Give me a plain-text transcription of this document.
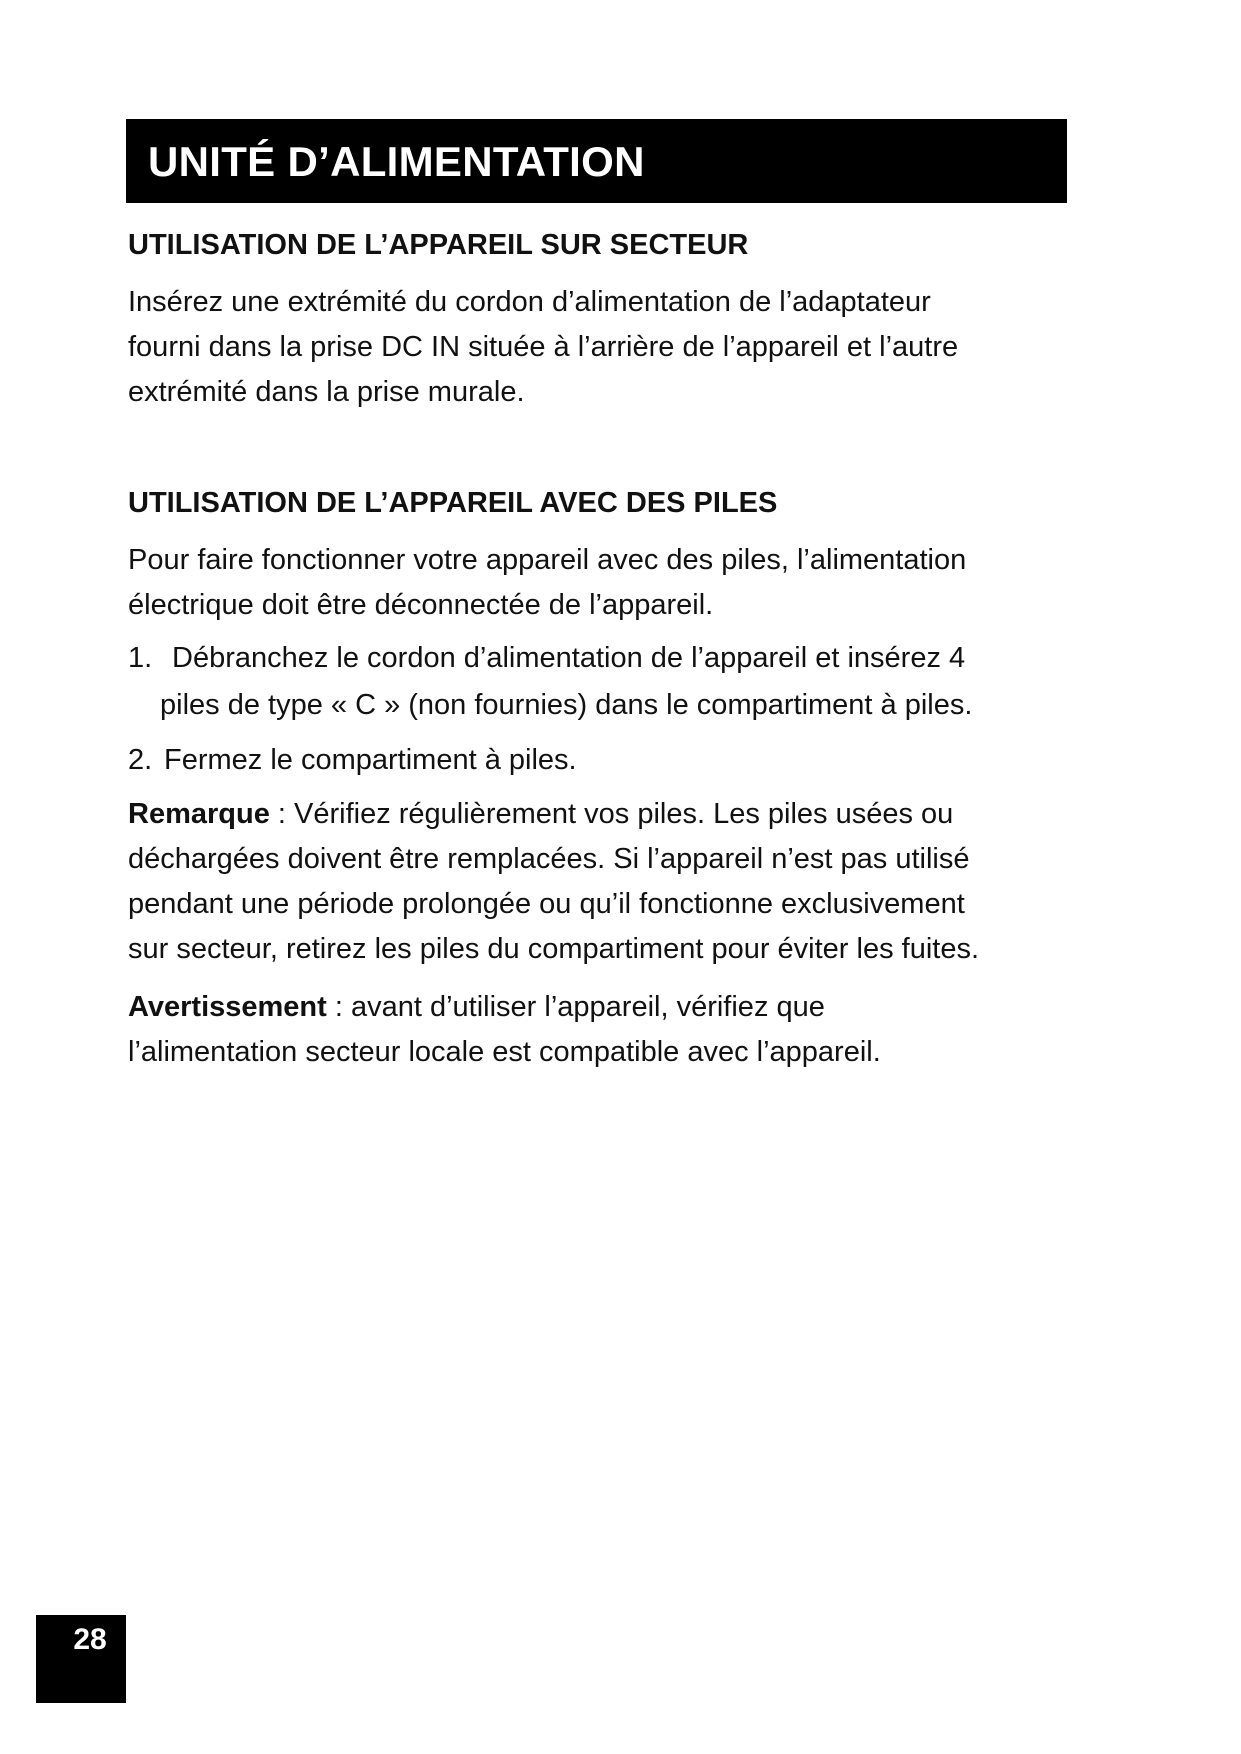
UNITÉ D’ALIMENTATION
UTILISATION DE L’APPAREIL SUR SECTEUR

Insérez une extrémité du cordon d’alimentation de l’adaptateur
fourni dans la prise DC IN située à l’arrière de l’appareil et l’autre
extrémité dans la prise murale.

UTILISATION DE L’APPAREIL AVEC DES PILES

Pour faire fonctionner votre appareil avec des piles, l’alimentation
électrique doit être déconnectée de l’appareil.

1. Débranchez le cordon d’alimentation de l’appareil et insérez 4
piles de type « C » (non fournies) dans le compartiment à piles.
2. Fermez le compartiment à piles.

Remarque : Vérifiez régulièrement vos piles. Les piles usées ou
déchargées doivent être remplacées. Si l’appareil n’est pas utilisé
pendant une période prolongée ou qu’il fonctionne exclusivement
sur secteur, retirez les piles du compartiment pour éviter les fuites.

Avertissement : avant d’utiliser l’appareil, vérifiez que
l’alimentation secteur locale est compatible avec l’appareil.

28
